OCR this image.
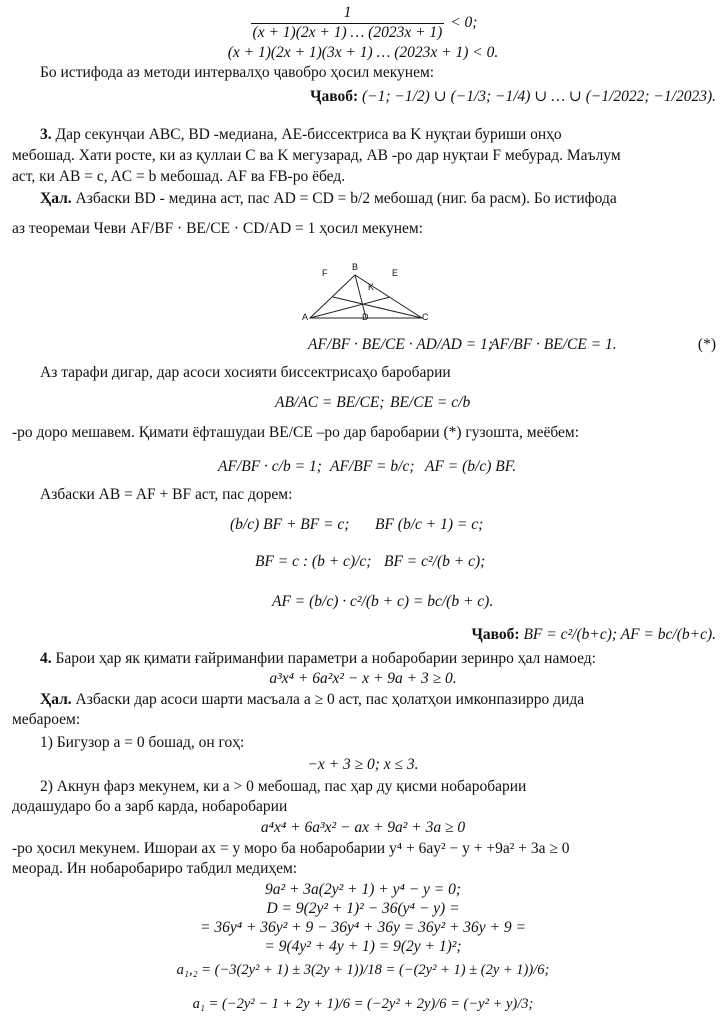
$\frac{1}{(x + 1)(2x + 1) \dots (2023x + 1)} < 0$;
(x + 1)(2x + 1)(3x + 1) … (2023x + 1) < 0.
Бо истифода аз методи интервалҳо ҷавобро ҳосил мекунем:
Ҷавоб: (−1; −1/2) ∪ (−1/3; −1/4) ∪ … ∪ (−1/2022; −1/2023).
3. Дар секунҷаи ABC, BD -медиана, AE-биссектриса ва K нуқтаи буриши онҳо
мебошад. Хати росте, ки аз қуллаи C ва K мегузарад, AB -ро дар нуқтаи F мебурад. Маълум
аст, ки AB = c, AC = b мебошад. AF ва FB-ро ёбед.
Ҳал. Азбаски BD - медина аст, пас AD = CD = b/2 мебошад (ниг. ба расм). Бо истифода
аз теоремаи Чеви AF/BF · BE/CE · CD/AD = 1 ҳосил мекунем:
B
F	E
K
A	D	C
AF/BF · BE/CE · AD/AD = 1;
AF/BF · BE/CE = 1.	(*)
Аз тарафи дигар, дар асоси хосияти биссектрисаҳо баробарии
AB/AC = BE/CE; BE/CE = c/b
-ро доро мешавем. Қимати ёфташудаи BE/CE –ро дар баробарии (*) гузошта, меёбем:
AF/BF · c/b = 1; AF/BF = b/c; AF = (b/c) BF.
Азбаски AB = AF + BF аст, пас дорем:
(b/c) BF + BF = c; BF (b/c + 1) = c;
BF = c : (b + c)/c; BF = c²/(b + c);
AF = (b/c) · c²/(b + c) = bc/(b + c).
Ҷавоб: BF = c²/(b+c); AF = bc/(b+c).
4. Барои ҳар як қимати ғайриманфии параметри a нобаробарии зеринро ҳал намоед:
a³x⁴ + 6a²x² − x + 9a + 3 ≥ 0.
Ҳал. Азбаски дар асоси шарти масъала a ≥ 0 аст, пас ҳолатҳои имконпазирро дида
мебароем:
1) Бигузор a = 0 бошад, он гоҳ:
−x + 3 ≥ 0; x ≤ 3.
2) Акнун фарз мекунем, ки a > 0 мебошад, пас ҳар ду қисми нобаробарии
додашударо бо a зарб карда, нобаробарии
a⁴x⁴ + 6a³x² − ax + 9a² + 3a ≥ 0
-ро ҳосил мекунем. Ишораи ax = y моро ба нобаробарии y⁴ + 6ay² − y + +9a² + 3a ≥ 0
меорад. Ин нобаробариро табдил медиҳем:
9a² + 3a(2y² + 1) + y⁴ − y = 0;
D = 9(2y² + 1)² − 36(y⁴ − y) =
= 36y⁴ + 36y² + 9 − 36y⁴ + 36y = 36y² + 36y + 9 =
= 9(4y² + 4y + 1) = 9(2y + 1)²;
a₁,₂ = (−3(2y² + 1) ± 3(2y + 1))/18 = (−(2y² + 1) ± (2y + 1))/6;
a₁ = (−2y² − 1 + 2y + 1)/6 = (−2y² + 2y)/6 = (−y² + y)/3;
